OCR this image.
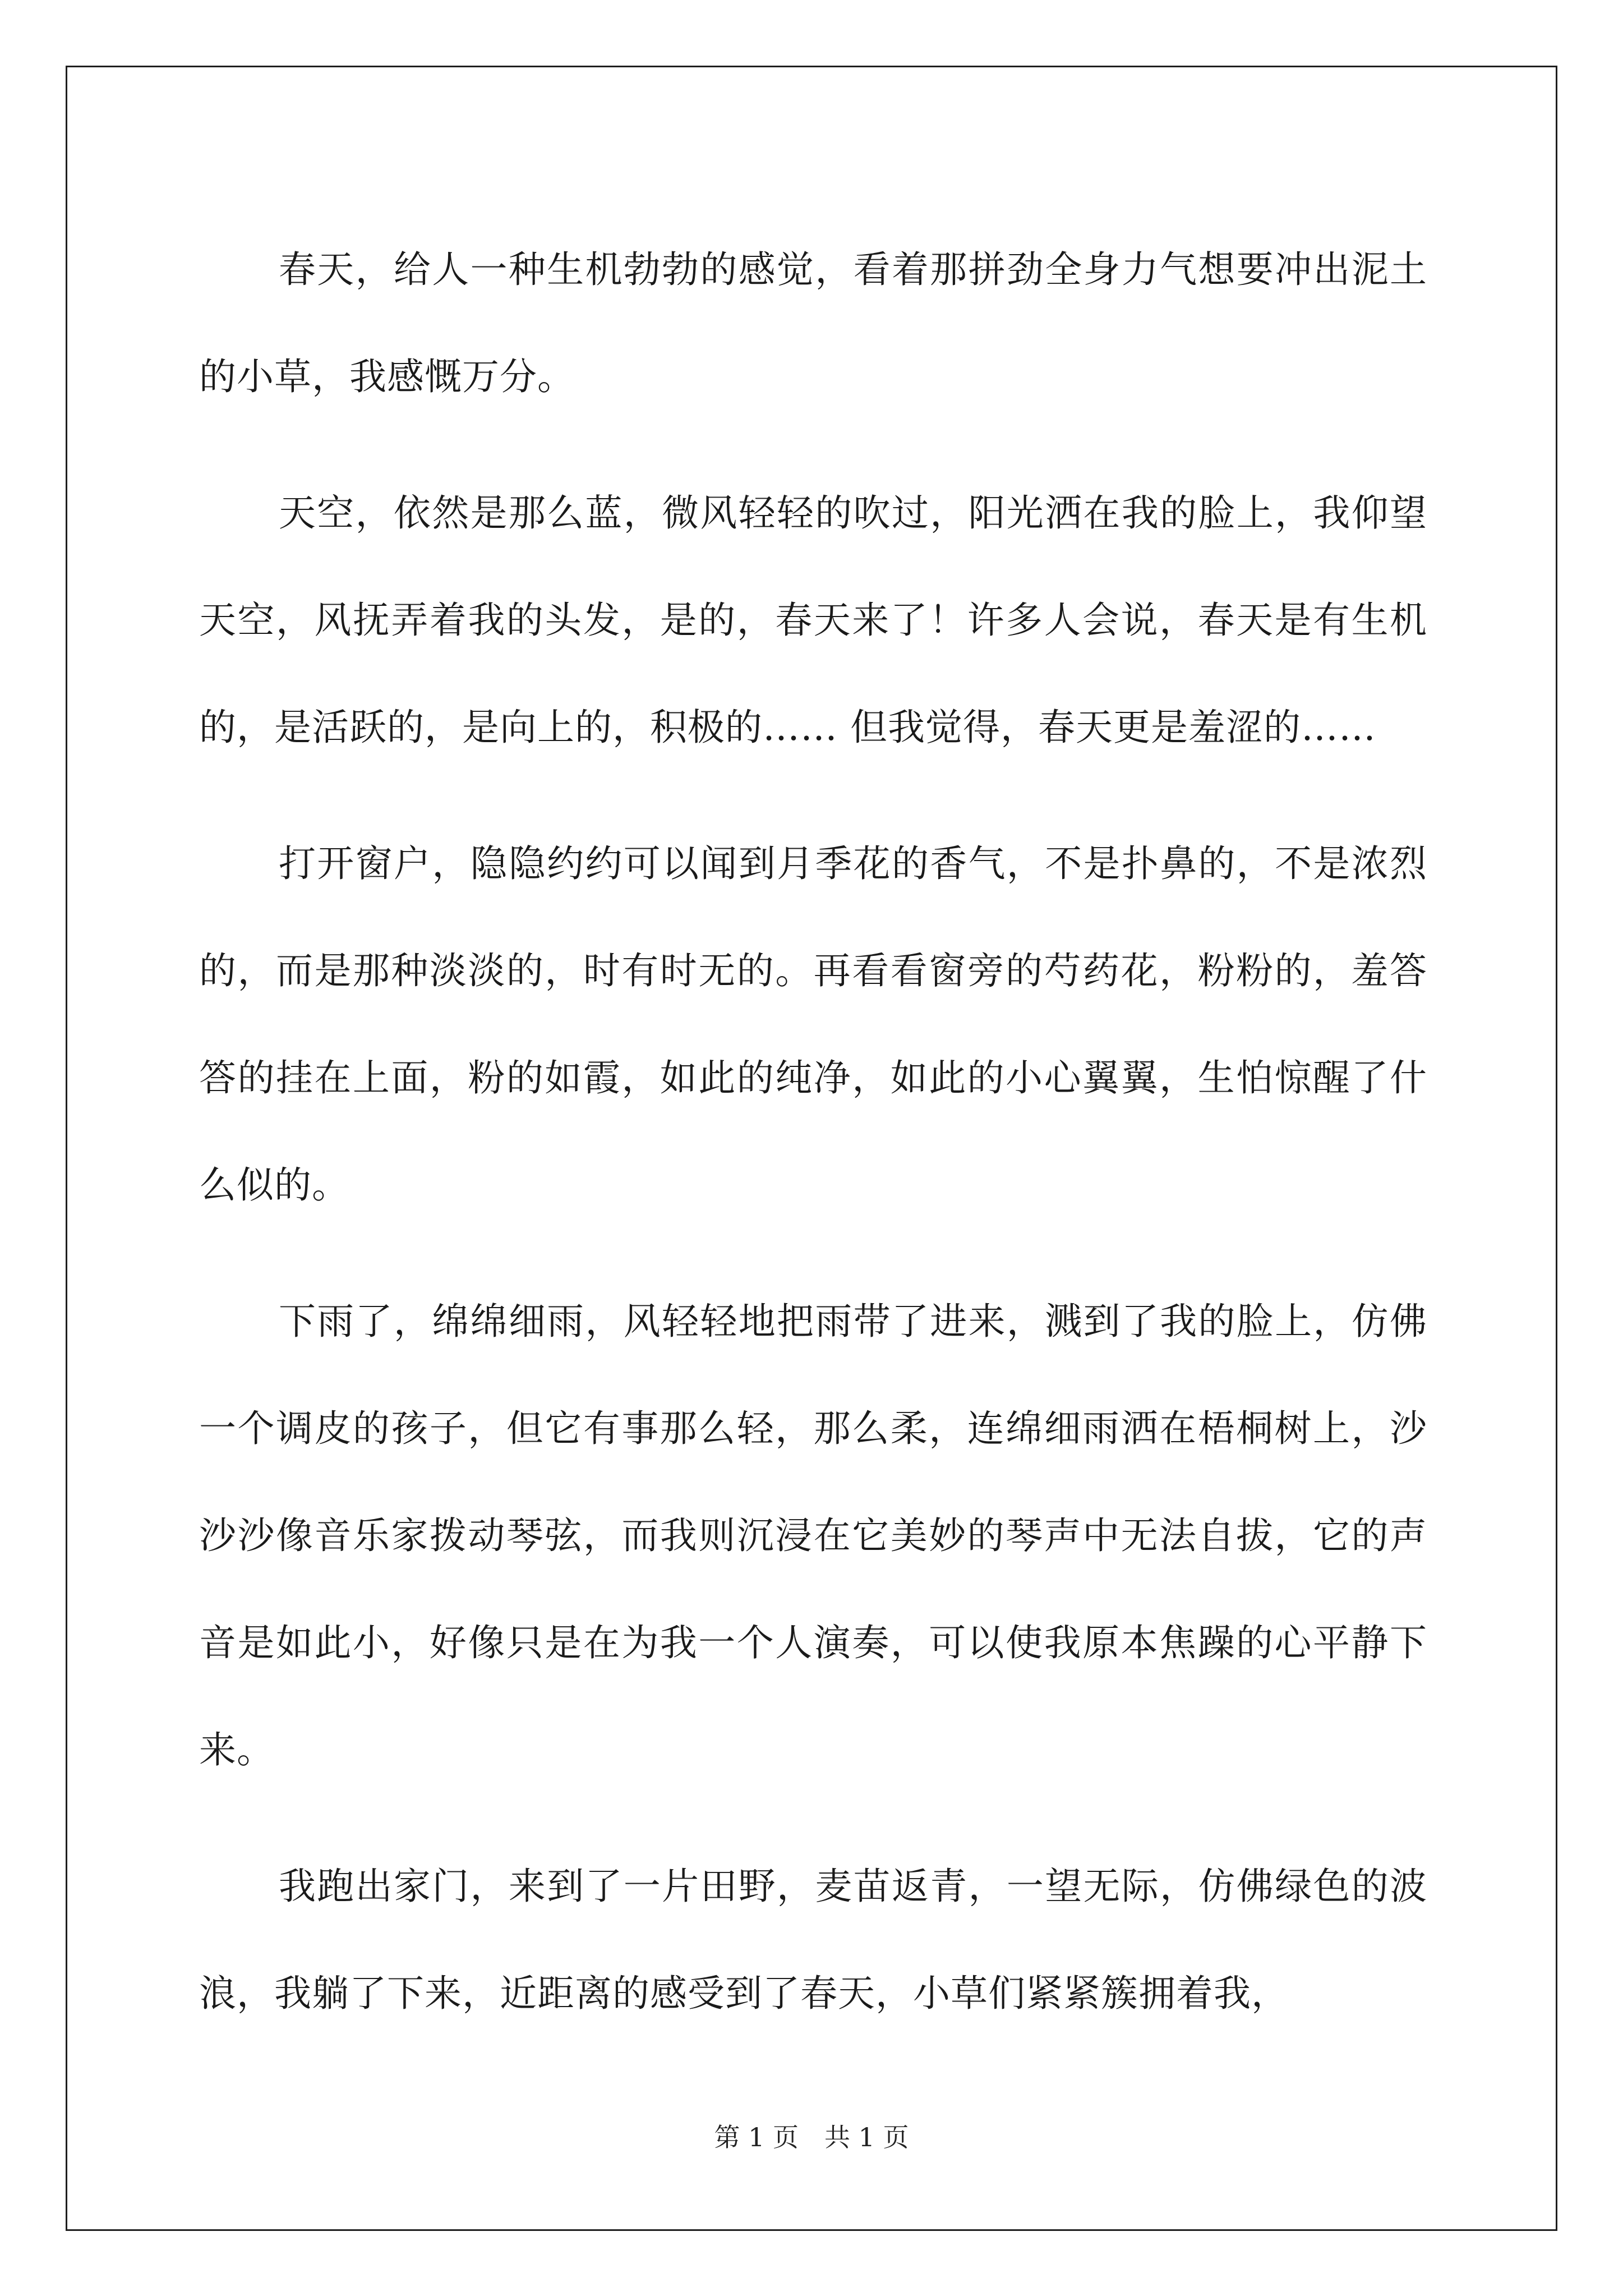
春天，给人一种生机勃勃的感觉，看着那拼劲全身力气想要冲出泥土的小草，我感慨万分。

天空，依然是那么蓝，微风轻轻的吹过，阳光洒在我的脸上，我仰望天空，风抚弄着我的头发，是的，春天来了！许多人会说，春天是有生机的，是活跃的，是向上的，积极的…… 但我觉得，春天更是羞涩的……

打开窗户，隐隐约约可以闻到月季花的香气，不是扑鼻的，不是浓烈的，而是那种淡淡的，时有时无的。再看看窗旁的芍药花，粉粉的，羞答答的挂在上面，粉的如霞，如此的纯净，如此的小心翼翼，生怕惊醒了什么似的。

下雨了，绵绵细雨，风轻轻地把雨带了进来，溅到了我的脸上，仿佛一个调皮的孩子，但它有事那么轻，那么柔，连绵细雨洒在梧桐树上，沙沙沙像音乐家拨动琴弦，而我则沉浸在它美妙的琴声中无法自拔，它的声音是如此小，好像只是在为我一个人演奏，可以使我原本焦躁的心平静下来。

我跑出家门，来到了一片田野，麦苗返青，一望无际，仿佛绿色的波浪，我躺了下来，近距离的感受到了春天，小草们紧紧簇拥着我，

第 1 页　共 1 页
